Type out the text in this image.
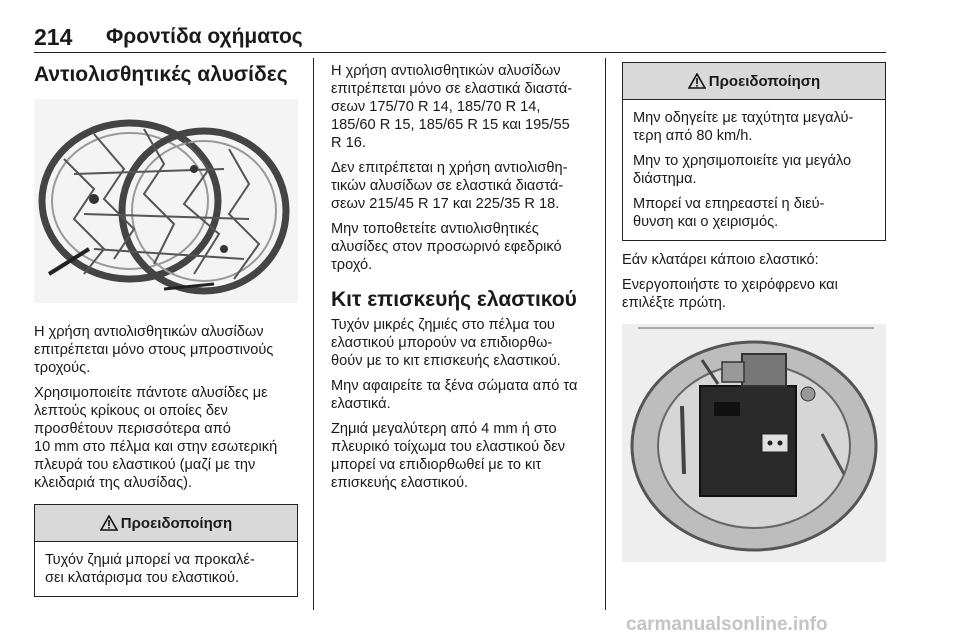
214 Φροντίδα οχήματος
Αντιολισθητικές αλυσίδες

Η χρήση αντιολισθητικών αλυσίδων
επιτρέπεται μόνο στους μπροστινούς
τροχούς.

Χρησιμοποιείτε πάντοτε αλυσίδες με
λεπτούς κρίκους οι οποίες δεν
προσθέτουν περισσότερα από
10 mm στο πέλμα και στην εσωτερική
πλευρά του ελαστικού (μαζί με την
κλειδαριά της αλυσίδας).

Προειδοποίηση

Τυχόν ζημιά μπορεί να προκαλέ-
σει κλατάρισμα του ελαστικού.

Η χρήση αντιολισθητικών αλυσίδων
επιτρέπεται μόνο σε ελαστικά διαστά-
σεων 175/70 R 14, 185/70 R 14,
185/60 R 15, 185/65 R 15 και 195/55
R 16.

Δεν επιτρέπεται η χρήση αντιολισθη-
τικών αλυσίδων σε ελαστικά διαστά-
σεων 215/45 R 17 και 225/35 R 18.

Μην τοποθετείτε αντιολισθητικές
αλυσίδες στον προσωρινό εφεδρικό
τροχό.

Κιτ επισκευής ελαστικού

Τυχόν μικρές ζημιές στο πέλμα του
ελαστικού μπορούν να επιδιορθω-
θούν με το κιτ επισκευής ελαστικού.

Μην αφαιρείτε τα ξένα σώματα από τα
ελαστικά.

Ζημιά μεγαλύτερη από 4 mm ή στο
πλευρικό τοίχωμα του ελαστικού δεν
μπορεί να επιδιορθωθεί με το κιτ
επισκευής ελαστικού.

Προειδοποίηση

Μην οδηγείτε με ταχύτητα μεγαλύ-
τερη από 80 km/h.

Μην το χρησιμοποιείτε για μεγάλο
διάστημα.

Μπορεί να επηρεαστεί η διεύ-
θυνση και ο χειρισμός.

Εάν κλατάρει κάποιο ελαστικό:

Ενεργοποιήστε το χειρόφρενο και
επιλέξτε πρώτη.

carmanualsonline.info
